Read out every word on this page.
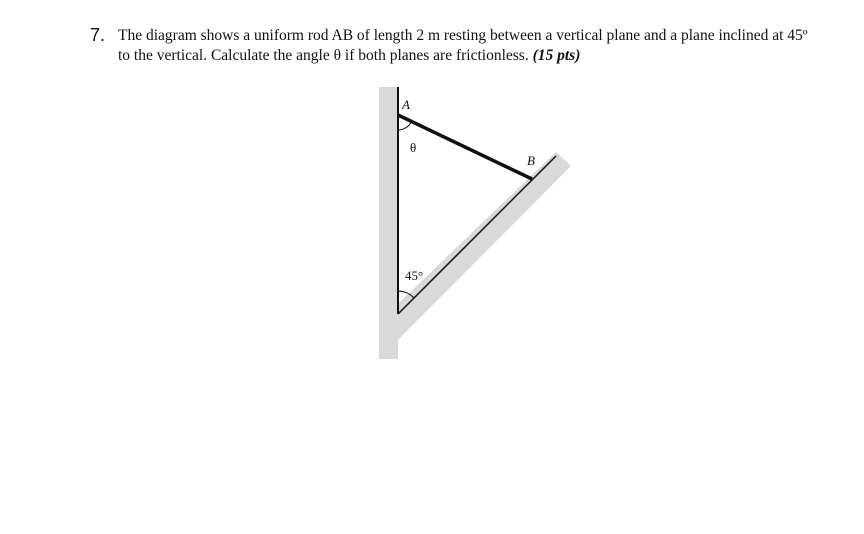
7. The diagram shows a uniform rod AB of length 2 m resting between a vertical plane and a plane inclined at 45º to the vertical. Calculate the angle θ if both planes are frictionless. (15 pts)
A
B
θ
45°
